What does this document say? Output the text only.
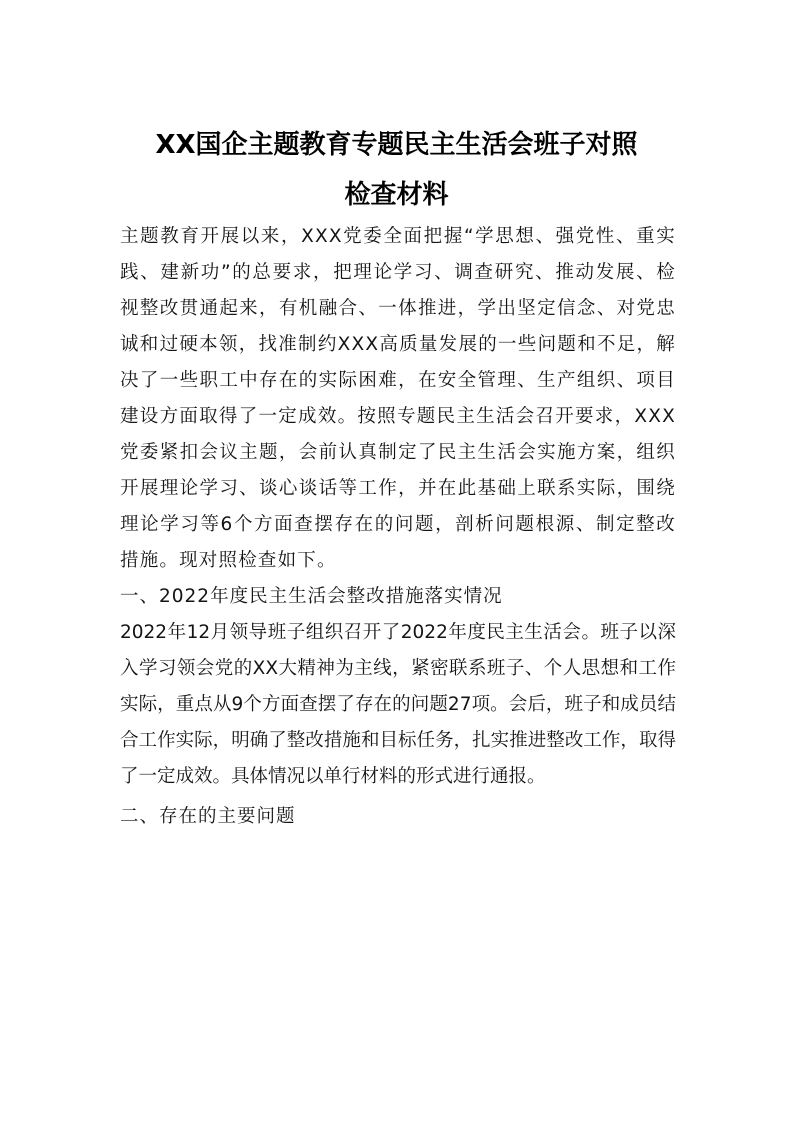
XX国企主题教育专题民主生活会班子对照
检查材料

主题教育开展以来，XXX党委全面把握“学思想、强党性、重实践、建新功”的总要求，把理论学习、调查研究、推动发展、检视整改贯通起来，有机融合、一体推进，学出坚定信念、对党忠诚和过硬本领，找准制约XXX高质量发展的一些问题和不足，解决了一些职工中存在的实际困难，在安全管理、生产组织、项目建设方面取得了一定成效。按照专题民主生活会召开要求，XXX党委紧扣会议主题，会前认真制定了民主生活会实施方案，组织开展理论学习、谈心谈话等工作，并在此基础上联系实际，围绕理论学习等6个方面查摆存在的问题，剖析问题根源、制定整改措施。现对照检查如下。

一、2022年度民主生活会整改措施落实情况

2022年12月领导班子组织召开了2022年度民主生活会。班子以深入学习领会党的XX大精神为主线，紧密联系班子、个人思想和工作实际，重点从9个方面查摆了存在的问题27项。会后，班子和成员结合工作实际，明确了整改措施和目标任务，扎实推进整改工作，取得了一定成效。具体情况以单行材料的形式进行通报。

二、存在的主要问题
